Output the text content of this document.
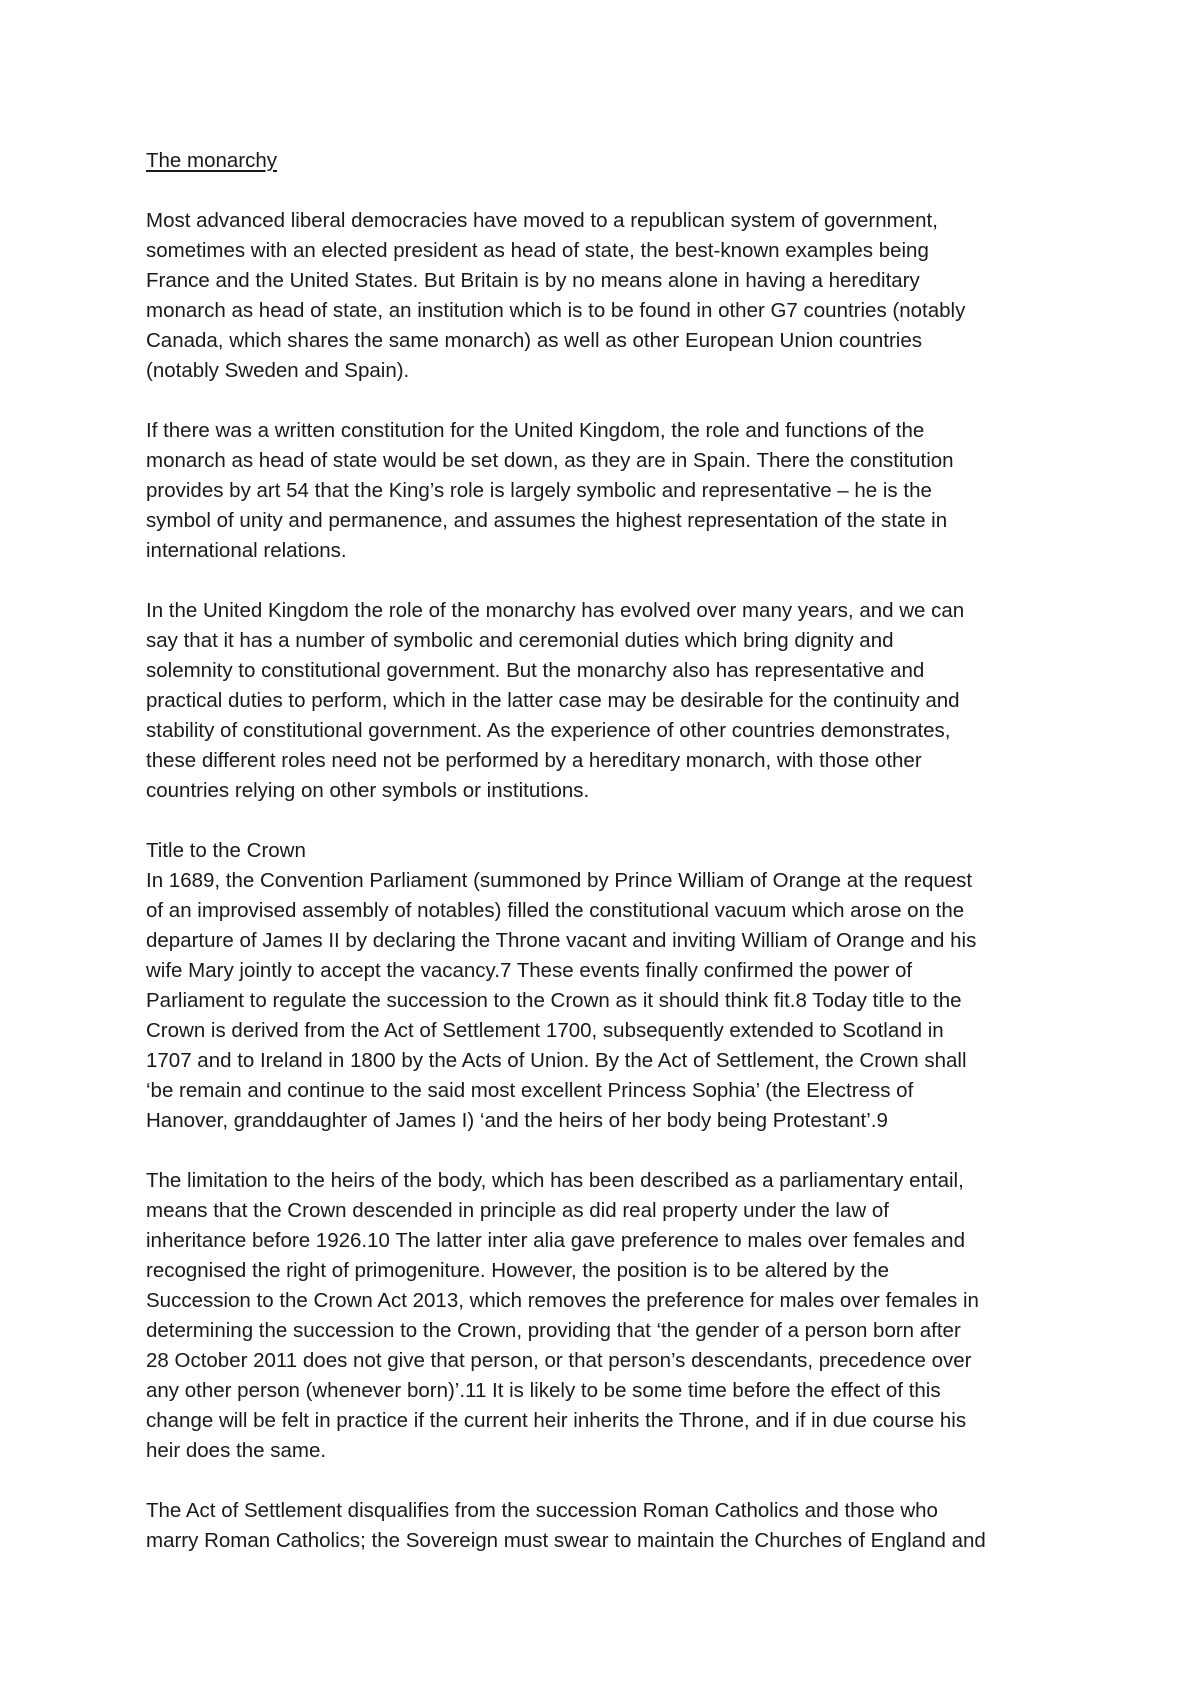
The monarchy

Most advanced liberal democracies have moved to a republican system of government,
sometimes with an elected president as head of state, the best-known examples being
France and the United States. But Britain is by no means alone in having a hereditary
monarch as head of state, an institution which is to be found in other G7 countries (notably
Canada, which shares the same monarch) as well as other European Union countries
(notably Sweden and Spain).

If there was a written constitution for the United Kingdom, the role and functions of the
monarch as head of state would be set down, as they are in Spain. There the constitution
provides by art 54 that the King’s role is largely symbolic and representative – he is the
symbol of unity and permanence, and assumes the highest representation of the state in
international relations.

In the United Kingdom the role of the monarchy has evolved over many years, and we can
say that it has a number of symbolic and ceremonial duties which bring dignity and
solemnity to constitutional government. But the monarchy also has representative and
practical duties to perform, which in the latter case may be desirable for the continuity and
stability of constitutional government. As the experience of other countries demonstrates,
these different roles need not be performed by a hereditary monarch, with those other
countries relying on other symbols or institutions.

Title to the Crown
In 1689, the Convention Parliament (summoned by Prince William of Orange at the request
of an improvised assembly of notables) filled the constitutional vacuum which arose on the
departure of James II by declaring the Throne vacant and inviting William of Orange and his
wife Mary jointly to accept the vacancy.7 These events finally confirmed the power of
Parliament to regulate the succession to the Crown as it should think fit.8 Today title to the
Crown is derived from the Act of Settlement 1700, subsequently extended to Scotland in
1707 and to Ireland in 1800 by the Acts of Union. By the Act of Settlement, the Crown shall
‘be remain and continue to the said most excellent Princess Sophia’ (the Electress of
Hanover, granddaughter of James I) ‘and the heirs of her body being Protestant’.9

The limitation to the heirs of the body, which has been described as a parliamentary entail,
means that the Crown descended in principle as did real property under the law of
inheritance before 1926.10 The latter inter alia gave preference to males over females and
recognised the right of primogeniture. However, the position is to be altered by the
Succession to the Crown Act 2013, which removes the preference for males over females in
determining the succession to the Crown, providing that ‘the gender of a person born after
28 October 2011 does not give that person, or that person’s descendants, precedence over
any other person (whenever born)’.11 It is likely to be some time before the effect of this
change will be felt in practice if the current heir inherits the Throne, and if in due course his
heir does the same.

The Act of Settlement disqualifies from the succession Roman Catholics and those who
marry Roman Catholics; the Sovereign must swear to maintain the Churches of England and
